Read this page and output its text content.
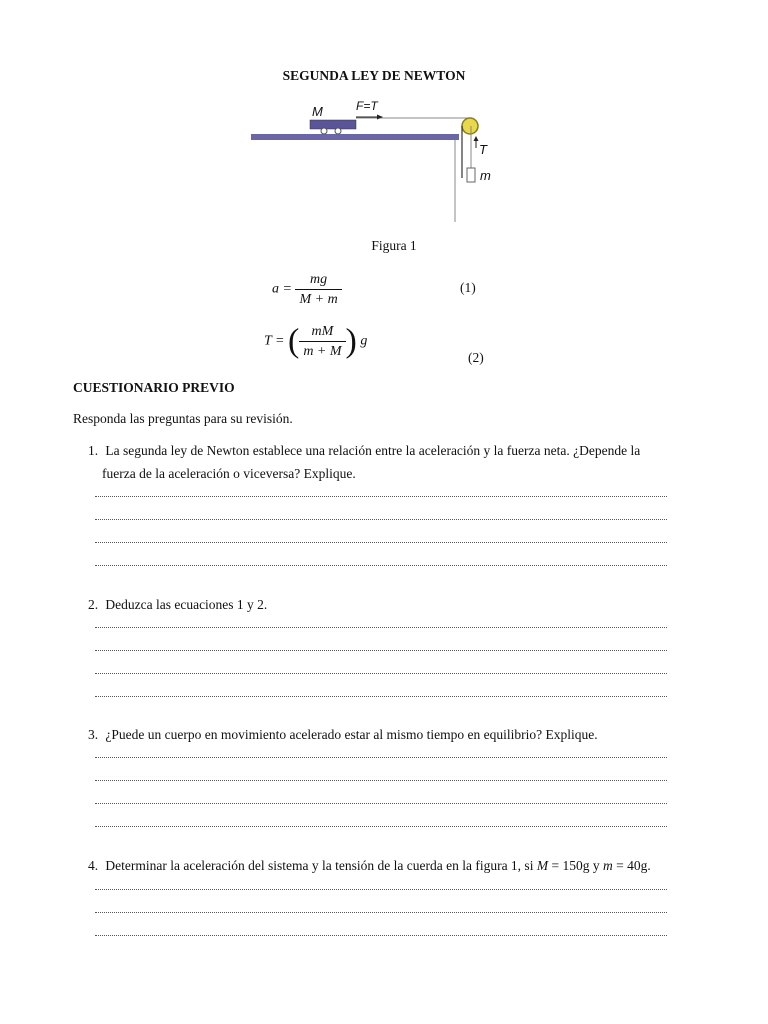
SEGUNDA LEY DE NEWTON
M	F=T
T
m
Figura 1
$a = \frac{mg}{M + m}$	(1)
T = ( $\frac{mM}{m + M}$ ) g
(2)
CUESTIONARIO PREVIO
Responda las preguntas para su revisión.
1. La segunda ley de Newton establece una relación entre la aceleración y la fuerza neta. ¿Depende la
fuerza de la aceleración o viceversa? Explique.
2. Deduzca las ecuaciones 1 y 2.
3. ¿Puede un cuerpo en movimiento acelerado estar al mismo tiempo en equilibrio? Explique.
4. Determinar la aceleración del sistema y la tensión de la cuerda en la figura 1, si M = 150g y m = 40g.
